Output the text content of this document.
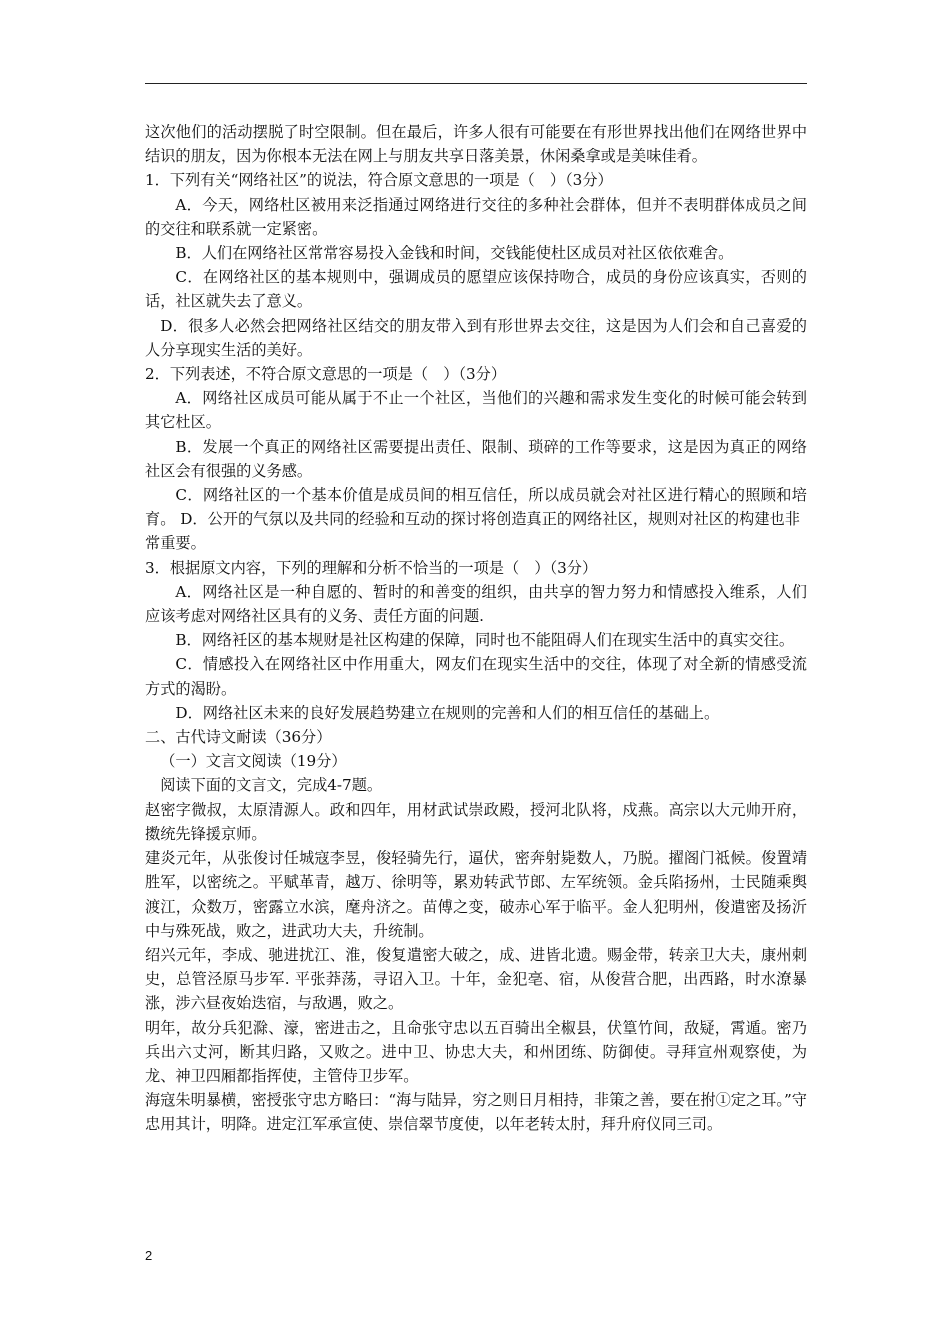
这次他们的活动摆脱了时空限制。但在最后，许多人很有可能要在有形世界找出他们在网络世界中结识的朋友，因为你根本无法在网上与朋友共享日落美景，休闲桑拿或是美味佳肴。

1．下列有关“网络社区”的说法，符合原文意思的一项是（　）（3分）

A．今天，网络杜区被用来泛指通过网络进行交往的多种社会群体，但并不表明群体成员之间的交往和联系就一定紧密。

B．人们在网络社区常常容易投入金钱和时间，交钱能使杜区成员对社区依依难舍。

C．在网络社区的基本规则中，强调成员的愿望应该保持吻合，成员的身份应该真实，否则的话，社区就失去了意义。

D．很多人必然会把网络社区结交的朋友带入到有形世界去交往，这是因为人们会和自己喜爱的人分享现实生活的美好。

2．下列表述，不符合原文意思的一项是（　）（3分）

A．网络社区成员可能从属于不止一个社区，当他们的兴趣和需求发生变化的时候可能会转到其它杜区。

B．发展一个真正的网络社区需要提出责任、限制、琐碎的工作等要求，这是因为真正的网络社区会有很强的义务感。

C．网络社区的一个基本价值是成员间的相互信任，所以成员就会对社区进行精心的照顾和培育。 D．公开的气氛以及共同的经验和互动的探讨将创造真正的网络社区，规则对社区的构建也非

常重要。

3．根据原文内容，下列的理解和分析不恰当的一项是（　）（3分）

A．网络社区是一种自愿的、暂时的和善变的组织，由共享的智力努力和情感投入维系，人们应该考虑对网络社区具有的义务、责任方面的问题.

B．网络衽区的基本规财是社区构建的保障，同时也不能阻碍人们在现实生活中的真实交往。

C．情感投入在网络社区中作用重大，网友们在现实生活中的交往，体现了对全新的情感受流方式的渴盼。

D．网络社区未来的良好发展趋势建立在规则的完善和人们的相互信任的基础上。

二、古代诗文耐读（36分）

（一）文言文阅读（19分）

阅读下面的文言文，完成4-7题。

赵密字微叔，太原清源人。政和四年，用材武试崇政殿，授河北队将，戍燕。高宗以大元帅开府，擞统先锋援京师。

建炎元年，从张俊讨任城寇李昱，俊轻骑先行，逼伏，密奔射毙数人，乃脱。擢阁门祗候。俊置靖胜军，以密统之。平赋革青，越万、徐明等，累劝转武节郎、左军统领。金兵陷扬州，士民随乘舆渡江，众数万，密露立水滨，麾舟济之。苗傅之变，破赤心军于临平。金人犯明州，俊遣密及扬沂中与殊死战，败之，进武功大夫，升统制。

绍兴元年，李成、驰进扰江、淮，俊复遣密大破之，成、进皆北遗。赐金带，转亲卫大夫，康州刺史，总管泾原马步军. 平张莽荡，寻诏入卫。十年，金犯亳、宿，从俊营合肥，出西路，时水潦暴涨，涉六昼夜始迭宿，与敌遇，败之。

明年，故分兵犯滁、濠，密进击之，且命张守忠以五百骑出全椒县，伏篁竹间，敌疑，霄遁。密乃兵出六丈河，断其归路，又败之。进中卫、协忠大夫，和州团练、防御使。寻拜宣州观察使，为龙、神卫四厢都指挥使，主管侍卫步军。

海寇朱明暴横，密授张守忠方略曰：“海与陆异，穷之则日月相持，非策之善，要在拊①定之耳。”守忠用其计，明降。进定江军承宣使、崇信翠节度使，以年老转太肘，拜升府仪同三司。

2
